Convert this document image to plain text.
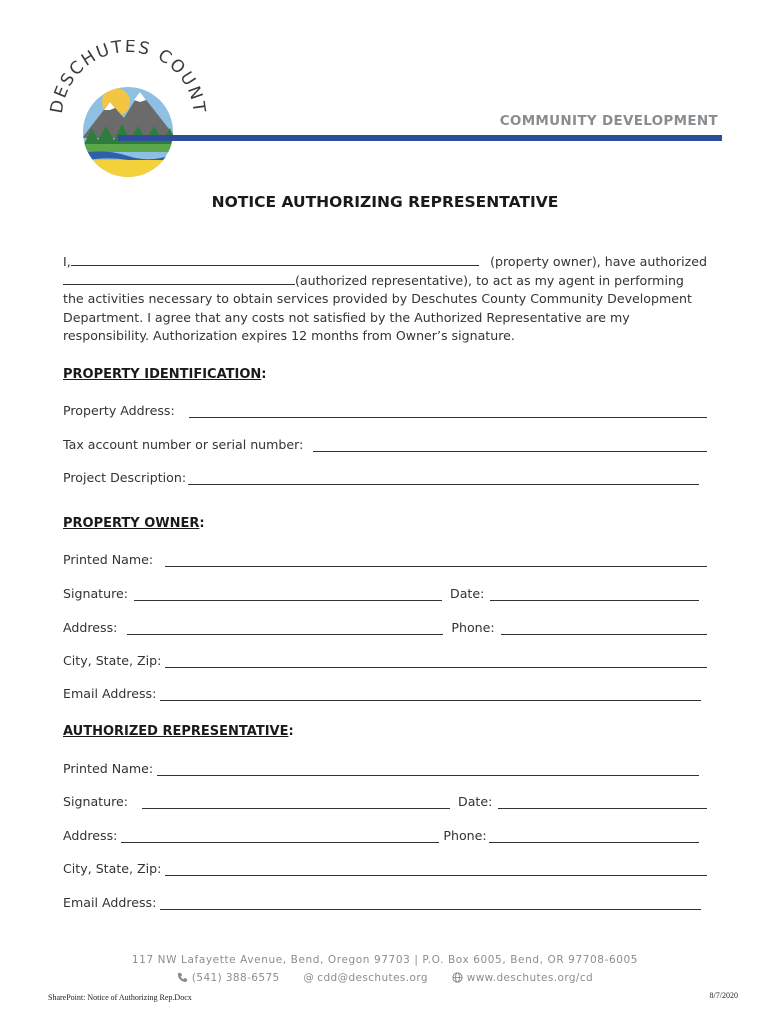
DESCHUTES COUNT
COMMUNITY DEVELOPMENT
NOTICE AUTHORIZING REPRESENTATIVE
I,	(property owner), have authorized
(authorized representative), to act as my agent in performing
the activities necessary to obtain services provided by Deschutes County Community Development
Department. I agree that any costs not satisfied by the Authorized Representative are my
responsibility. Authorization expires 12 months from Owner’s signature.
PROPERTY IDENTIFICATION:
Property Address:
Tax account number or serial number:
Project Description:
PROPERTY OWNER:
Printed Name:
Signature:	Date:
Address:	Phone:
City, State, Zip:
Email Address:
AUTHORIZED REPRESENTATIVE:
Printed Name:
Signature:	Date:
Address:	Phone:
City, State, Zip:
Email Address:
117 NW Lafayette Avenue, Bend, Oregon 97703 | P.O. Box 6005, Bend, OR 97708-6005
(541) 388-6575 @ cdd@deschutes.org	www.deschutes.org/cd
SharePoint: Notice of Authorizing Rep.Docx	8/7/2020
